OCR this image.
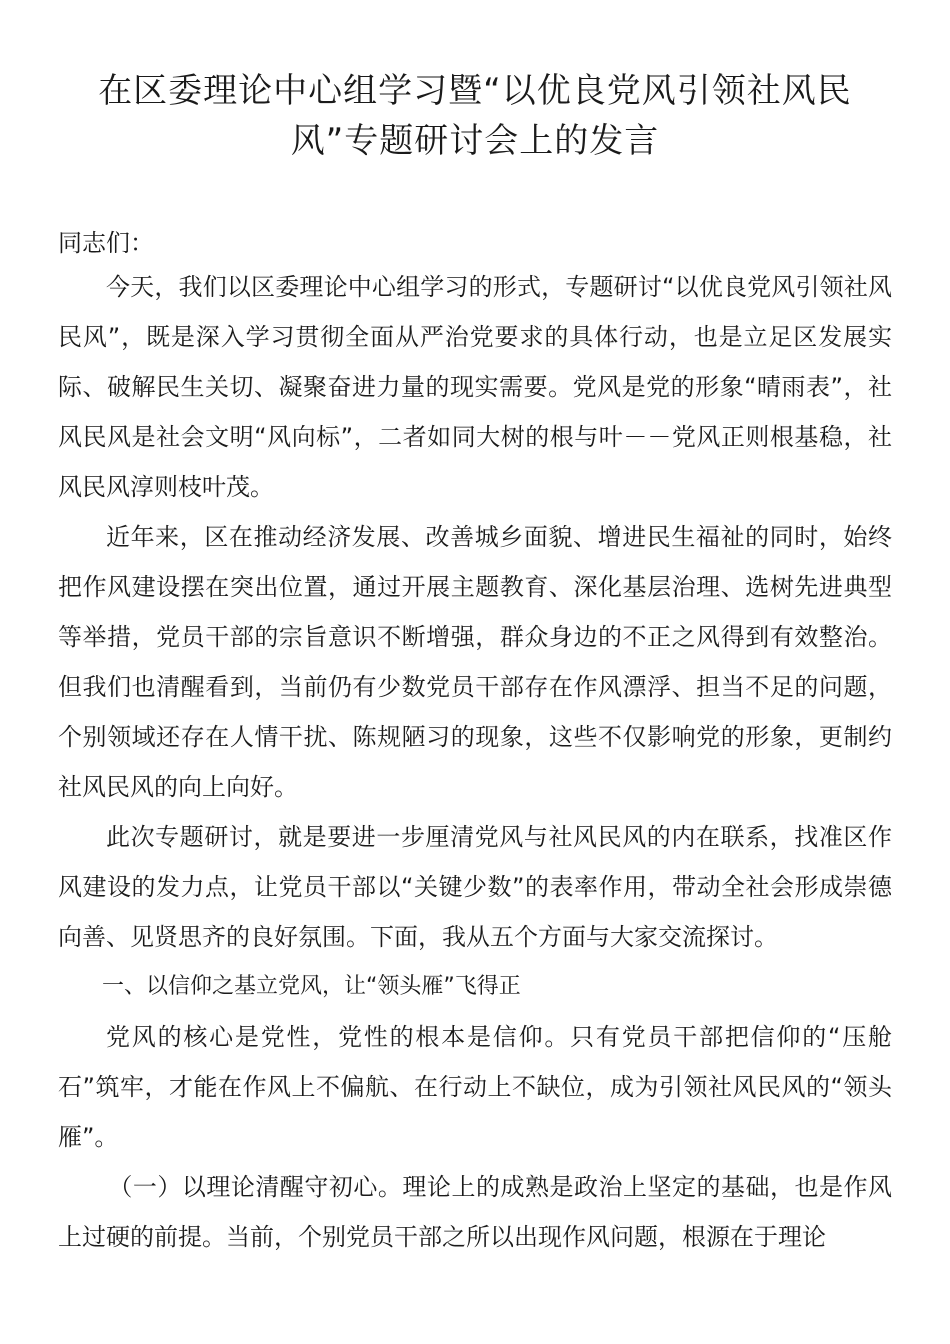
在区委理论中心组学习暨“以优良党风引领社风民风”专题研讨会上的发言

同志们：

今天，我们以区委理论中心组学习的形式，专题研讨“以优良党风引领社风民风”，既是深入学习贯彻全面从严治党要求的具体行动，也是立足区发展实际、破解民生关切、凝聚奋进力量的现实需要。党风是党的形象“晴雨表”，社风民风是社会文明“风向标”，二者如同大树的根与叶－－党风正则根基稳，社风民风淳则枝叶茂。

近年来，区在推动经济发展、改善城乡面貌、增进民生福祉的同时，始终把作风建设摆在突出位置，通过开展主题教育、深化基层治理、选树先进典型等举措，党员干部的宗旨意识不断增强，群众身边的不正之风得到有效整治。但我们也清醒看到，当前仍有少数党员干部存在作风漂浮、担当不足的问题，个别领域还存在人情干扰、陈规陋习的现象，这些不仅影响党的形象，更制约社风民风的向上向好。

此次专题研讨，就是要进一步厘清党风与社风民风的内在联系，找准区作风建设的发力点，让党员干部以“关键少数”的表率作用，带动全社会形成崇德向善、见贤思齐的良好氛围。下面，我从五个方面与大家交流探讨。

一、以信仰之基立党风，让“领头雁”飞得正

党风的核心是党性，党性的根本是信仰。只有党员干部把信仰的“压舱石”筑牢，才能在作风上不偏航、在行动上不缺位，成为引领社风民风的“领头雁”。

（一）以理论清醒守初心。理论上的成熟是政治上坚定的基础，也是作风上过硬的前提。当前，个别党员干部之所以出现作风问题，根源在于理论
